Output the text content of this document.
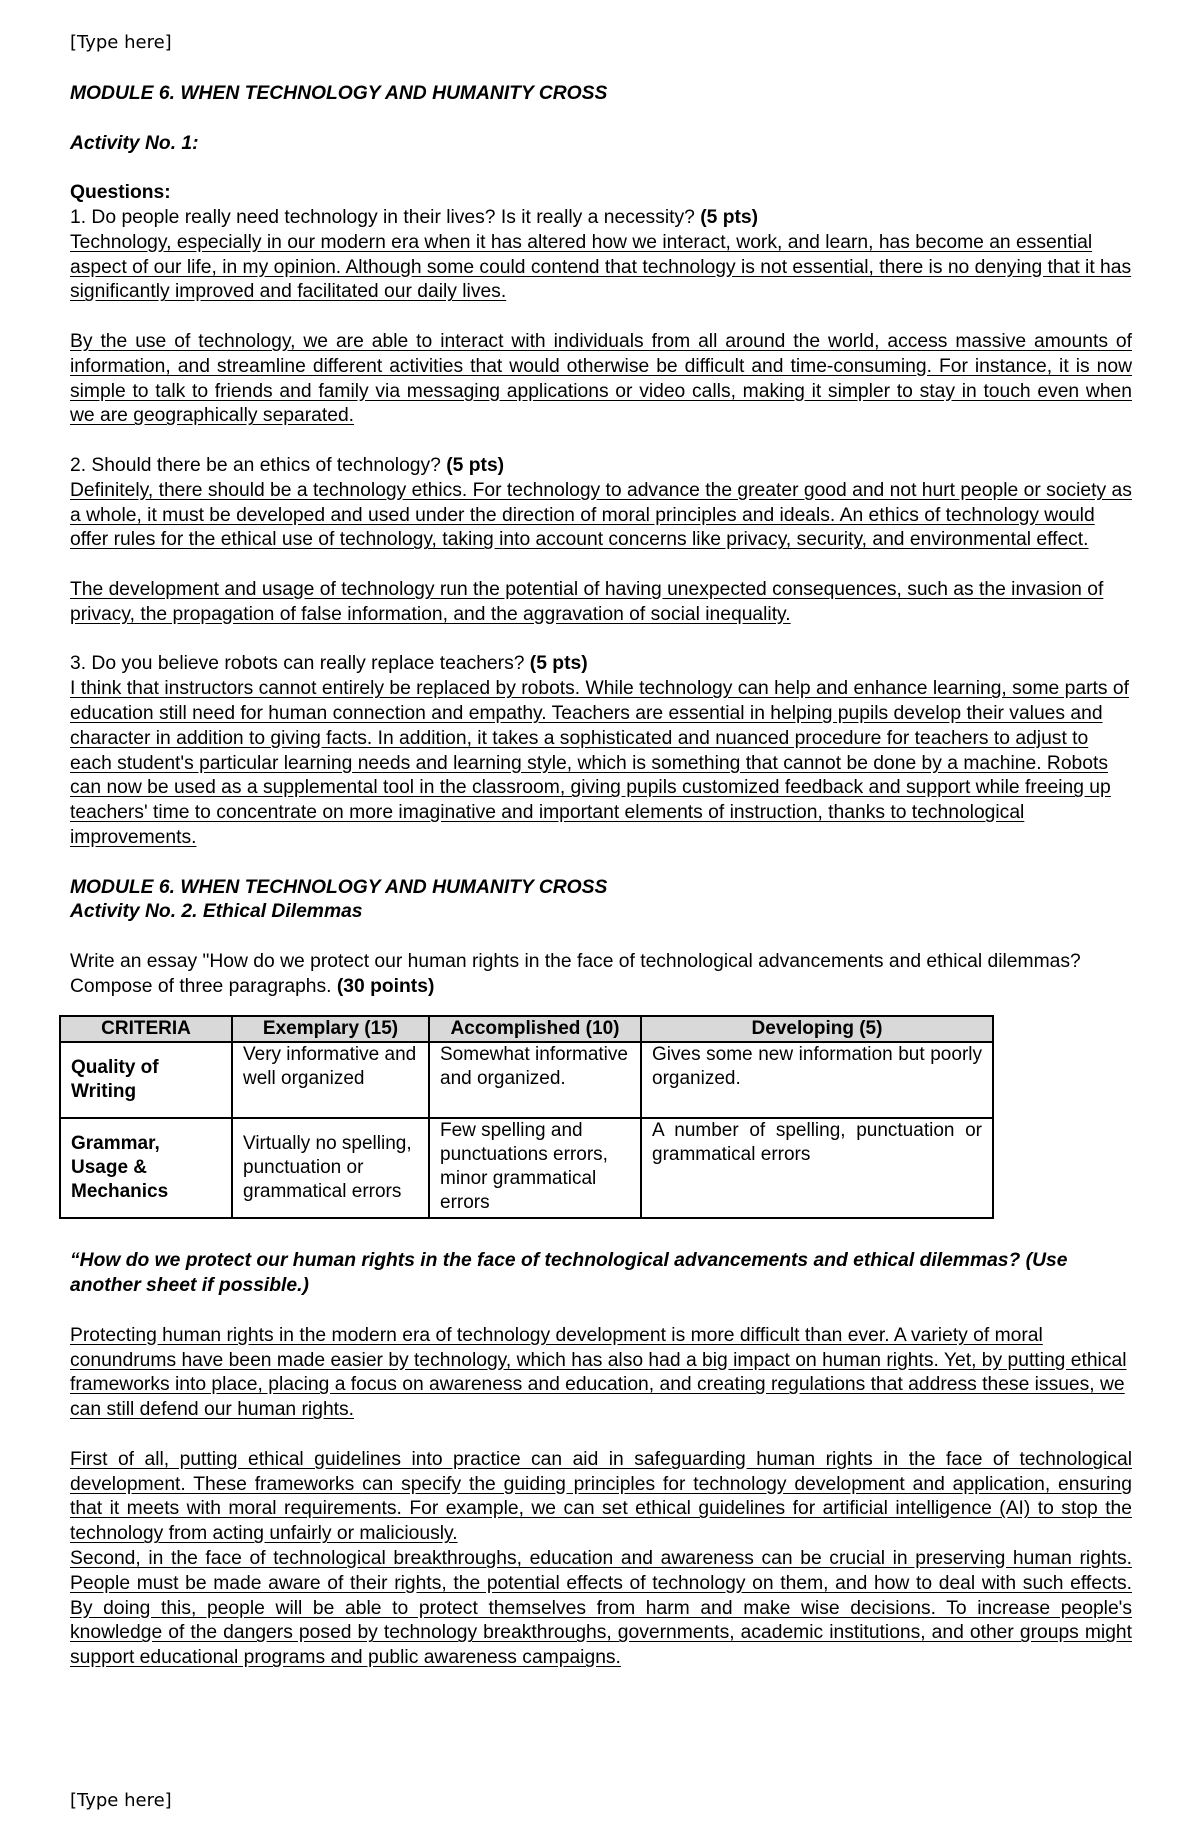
[Type here]

MODULE 6. WHEN TECHNOLOGY AND HUMANITY CROSS

Activity No. 1:

Questions:

1. Do people really need technology in their lives? Is it really a necessity? (5 pts)

Technology, especially in our modern era when it has altered how we interact, work, and learn, has become an essential aspect of our life, in my opinion. Although some could contend that technology is not essential, there is no denying that it has significantly improved and facilitated our daily lives.

By the use of technology, we are able to interact with individuals from all around the world, access massive amounts of information, and streamline different activities that would otherwise be difficult and time-consuming. For instance, it is now simple to talk to friends and family via messaging applications or video calls, making it simpler to stay in touch even when we are geographically separated.

2. Should there be an ethics of technology? (5 pts)

Definitely, there should be a technology ethics. For technology to advance the greater good and not hurt people or society as a whole, it must be developed and used under the direction of moral principles and ideals. An ethics of technology would offer rules for the ethical use of technology, taking into account concerns like privacy, security, and environmental effect.

The development and usage of technology run the potential of having unexpected consequences, such as the invasion of privacy, the propagation of false information, and the aggravation of social inequality.

3. Do you believe robots can really replace teachers? (5 pts)

I think that instructors cannot entirely be replaced by robots. While technology can help and enhance learning, some parts of education still need for human connection and empathy. Teachers are essential in helping pupils develop their values and character in addition to giving facts. In addition, it takes a sophisticated and nuanced procedure for teachers to adjust to each student's particular learning needs and learning style, which is something that cannot be done by a machine. Robots can now be used as a supplemental tool in the classroom, giving pupils customized feedback and support while freeing up teachers' time to concentrate on more imaginative and important elements of instruction, thanks to technological improvements.

MODULE 6. WHEN TECHNOLOGY AND HUMANITY CROSS

Activity No. 2. Ethical Dilemmas

Write an essay "How do we protect our human rights in the face of technological advancements and ethical dilemmas? Compose of three paragraphs. (30 points)

CRITERIA	Exemplary (15)	Accomplished (10)	Developing (5)
Quality of Writing	Very informative and well organized	Somewhat informative and organized.	Gives some new information but poorly organized.
Grammar, Usage & Mechanics	Virtually no spelling, punctuation or grammatical errors	Few spelling and punctuations errors, minor grammatical errors	A number of spelling, punctuation or grammatical errors

“How do we protect our human rights in the face of technological advancements and ethical dilemmas? (Use another sheet if possible.)

Protecting human rights in the modern era of technology development is more difficult than ever. A variety of moral conundrums have been made easier by technology, which has also had a big impact on human rights. Yet, by putting ethical frameworks into place, placing a focus on awareness and education, and creating regulations that address these issues, we can still defend our human rights.

First of all, putting ethical guidelines into practice can aid in safeguarding human rights in the face of technological development. These frameworks can specify the guiding principles for technology development and application, ensuring that it meets with moral requirements. For example, we can set ethical guidelines for artificial intelligence (AI) to stop the technology from acting unfairly or maliciously.

Second, in the face of technological breakthroughs, education and awareness can be crucial in preserving human rights. People must be made aware of their rights, the potential effects of technology on them, and how to deal with such effects. By doing this, people will be able to protect themselves from harm and make wise decisions. To increase people's knowledge of the dangers posed by technology breakthroughs, governments, academic institutions, and other groups might support educational programs and public awareness campaigns.

[Type here]
